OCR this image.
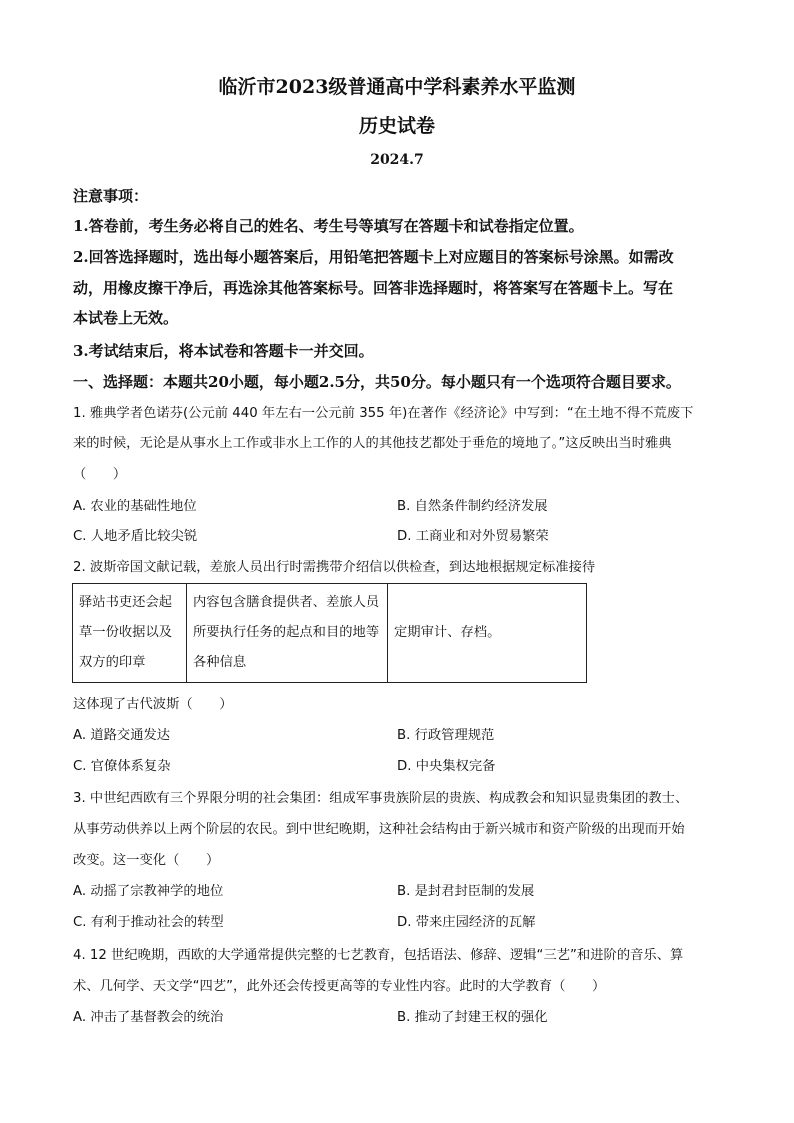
临沂市2023级普通高中学科素养水平监测
历史试卷
2024.7
注意事项：
1.答卷前，考生务必将自己的姓名、考生号等填写在答题卡和试卷指定位置。
2.回答选择题时，选出每小题答案后，用铅笔把答题卡上对应题目的答案标号涂黑。如需改
动，用橡皮擦干净后，再选涂其他答案标号。回答非选择题时，将答案写在答题卡上。写在
本试卷上无效。
3.考试结束后，将本试卷和答题卡一并交回。
一、选择题：本题共20小题，每小题2.5分，共50分。每小题只有一个选项符合题目要求。
1. 雅典学者色诺芬(公元前 440 年左右一公元前 355 年)在著作《经济论》中写到：“在土地不得不荒废下
来的时候，无论是从事水上工作或非水上工作的人的其他技艺都处于垂危的境地了。”这反映出当时雅典
（　　）
A. 农业的基础性地位	B. 自然条件制约经济发展
C. 人地矛盾比较尖锐	D. 工商业和对外贸易繁荣
2. 波斯帝国文献记载，差旅人员出行时需携带介绍信以供检查，到达地根据规定标准接待
驿站书吏还会起草一份收据以及双方的印章	内容包含膳食提供者、差旅人员所要执行任务的起点和目的地等各种信息	定期审计、存档。
这体现了古代波斯（　　）
A. 道路交通发达	B. 行政管理规范
C. 官僚体系复杂	D. 中央集权完备
3. 中世纪西欧有三个界限分明的社会集团：组成军事贵族阶层的贵族、构成教会和知识显贵集团的教士、
从事劳动供养以上两个阶层的农民。到中世纪晚期，这种社会结构由于新兴城市和资产阶级的出现而开始
改变。这一变化（　　）
A. 动摇了宗教神学的地位	B. 是封君封臣制的发展
C. 有利于推动社会的转型	D. 带来庄园经济的瓦解
4. 12 世纪晚期，西欧的大学通常提供完整的七艺教育，包括语法、修辞、逻辑“三艺”和进阶的音乐、算
术、几何学、天文学“四艺”，此外还会传授更高等的专业性内容。此时的大学教育（　　）
A. 冲击了基督教会的统治	B. 推动了封建王权的强化
